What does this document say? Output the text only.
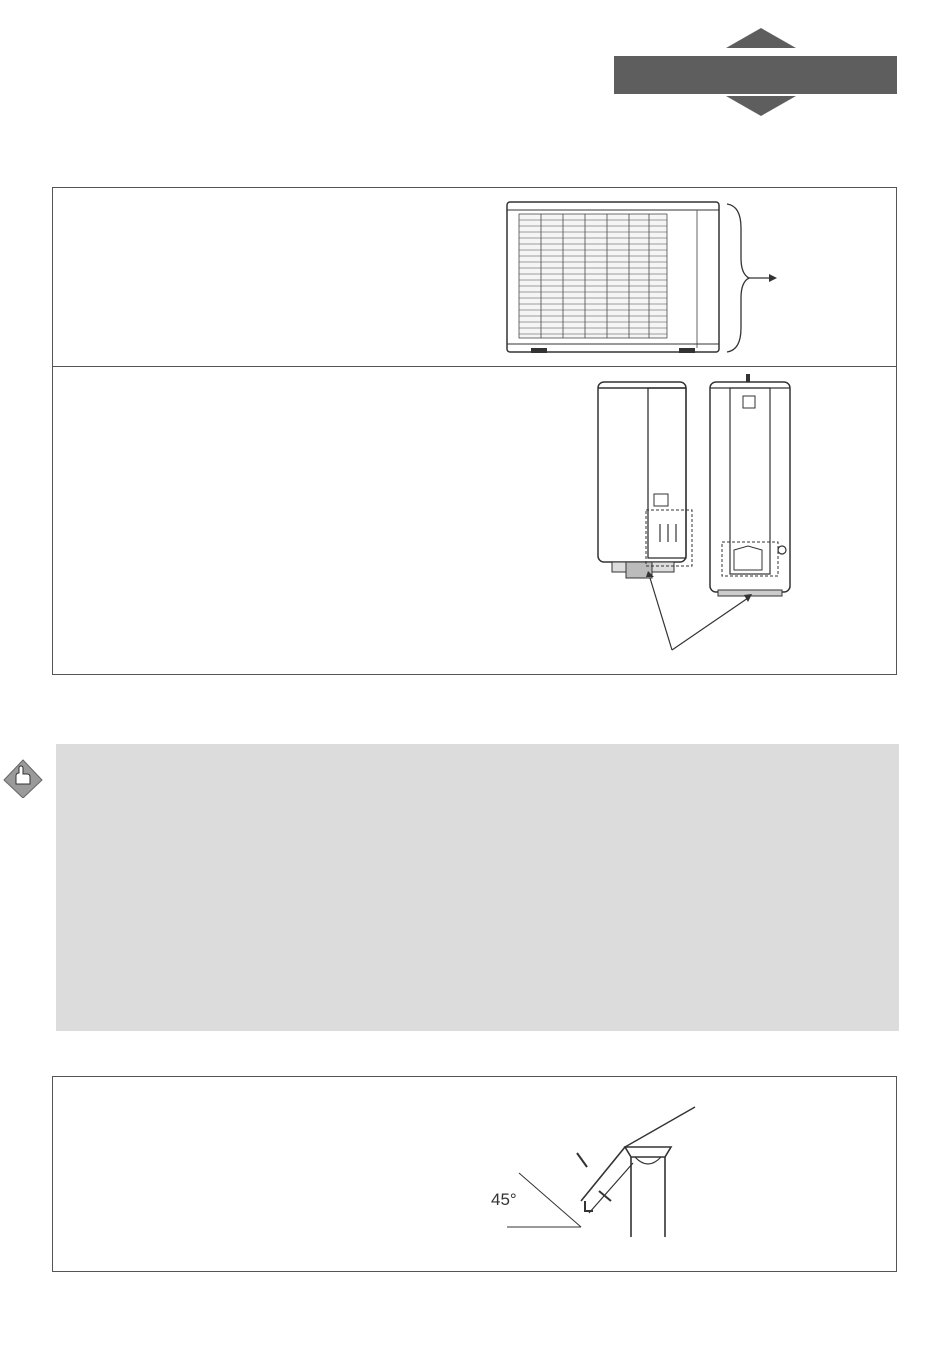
45°
